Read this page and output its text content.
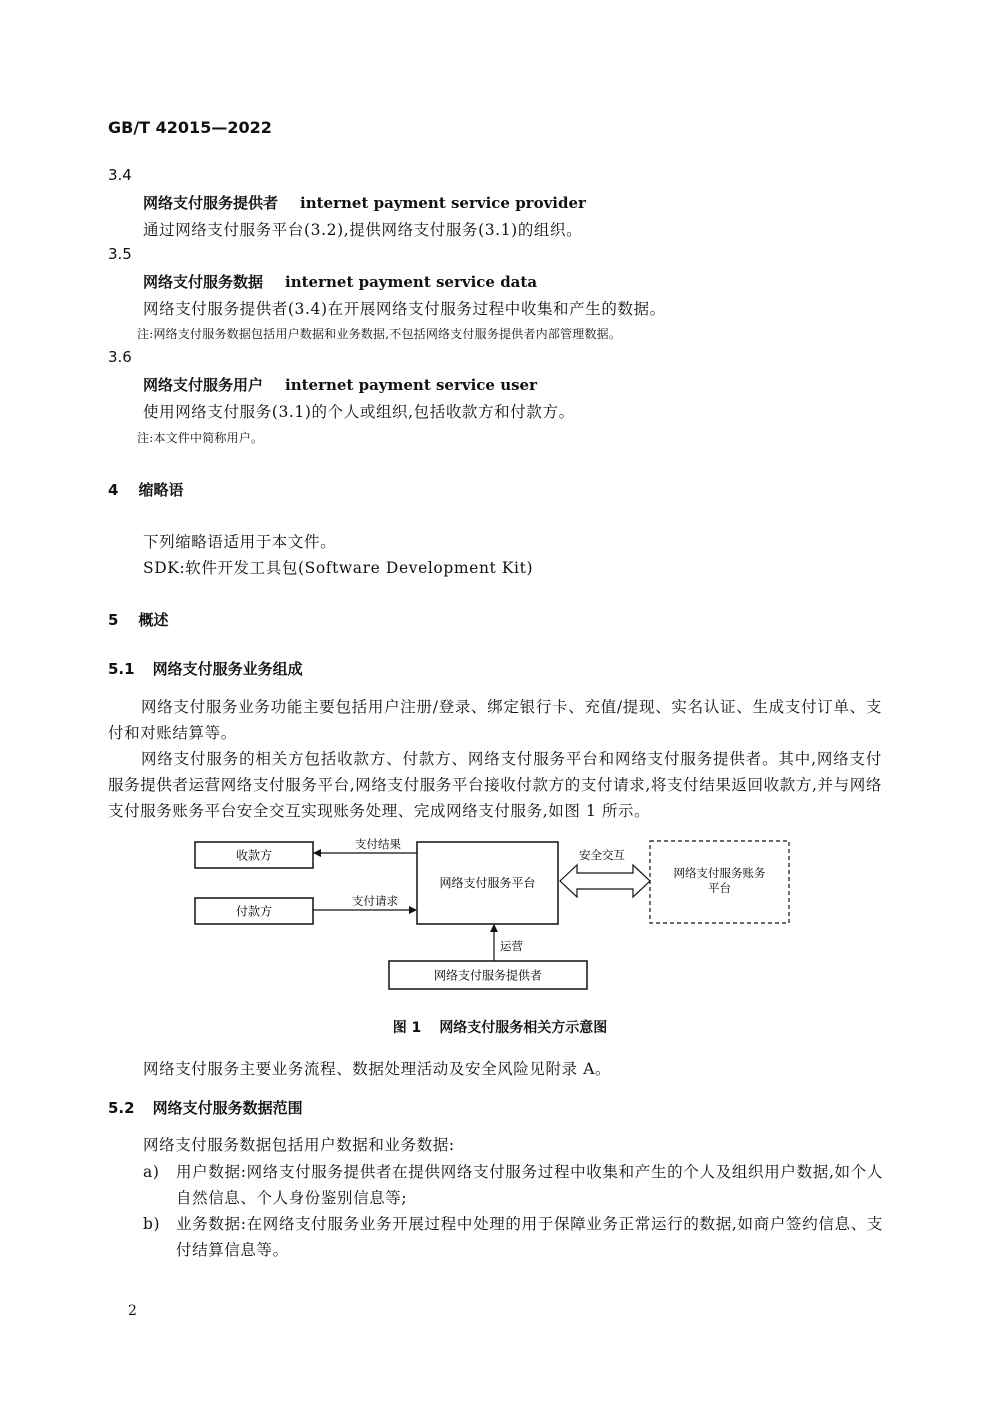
GB/T 42015—2022
3.4
网络支付服务提供者 internet payment service provider
通过网络支付服务平台(3.2),提供网络支付服务(3.1)的组织。
3.5
网络支付服务数据 internet payment service data
网络支付服务提供者(3.4)在开展网络支付服务过程中收集和产生的数据。
注:网络支付服务数据包括用户数据和业务数据,不包括网络支付服务提供者内部管理数据。
3.6
网络支付服务用户 internet payment service user
使用网络支付服务(3.1)的个人或组织,包括收款方和付款方。
注:本文件中简称用户。
4 缩略语
下列缩略语适用于本文件。
SDK:软件开发工具包(Software Development Kit)
5 概述
5.1 网络支付服务业务组成
网络支付服务业务功能主要包括用户注册/登录、绑定银行卡、充值/提现、实名认证、生成支付订单、支付和对账结算等。
网络支付服务的相关方包括收款方、付款方、网络支付服务平台和网络支付服务提供者。其中,网络支付服务提供者运营网络支付服务平台,网络支付服务平台接收付款方的支付请求,将支付结果返回收款方,并与网络支付服务账务平台安全交互实现账务处理、完成网络支付服务,如图 1 所示。
收款方
付款方
网络支付服务平台
网络支付服务账务
平台
网络支付服务提供者
支付结果
支付请求
安全交互
运营
图 1 网络支付服务相关方示意图
网络支付服务主要业务流程、数据处理活动及安全风险见附录 A。
5.2 网络支付服务数据范围
网络支付服务数据包括用户数据和业务数据:
a) 用户数据:网络支付服务提供者在提供网络支付服务过程中收集和产生的个人及组织用户数据,如个人自然信息、个人身份鉴别信息等;
b) 业务数据:在网络支付服务业务开展过程中处理的用于保障业务正常运行的数据,如商户签约信息、支付结算信息等。
2
